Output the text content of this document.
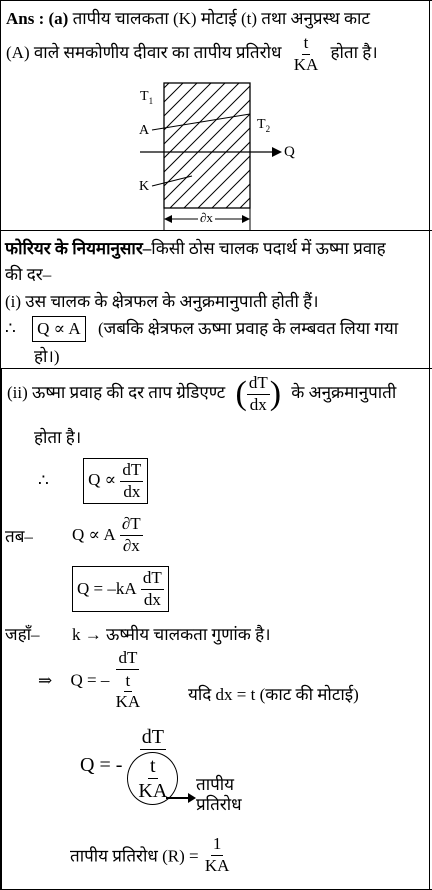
Ans : (a) तापीय चालकता (K) मोटाई (t) तथा अनुप्रस्थ काट
(A) वाले समकोणीय दीवार का तापीय प्रतिरोध $\frac{t}{KA}$ होता है।
$T_1$
$T_2$
A
Q
K
∂x
फोरियर के नियमानुसार–किसी ठोस चालक पदार्थ में ऊष्मा प्रवाह
की दर–
(i) उस चालक के क्षेत्रफल के अनुक्रमानुपाती होती हैं।
∴ Q ∝ A (जबकि क्षेत्रफल ऊष्मा प्रवाह के लम्बवत लिया गया
हो।)
(ii) ऊष्मा प्रवाह की दर ताप ग्रेडिएण्ट ( $\frac{dT}{dx}$ ) के अनुक्रमानुपाती
होता है।
∴ $Q \propto \frac{dT}{dx}$
तब– Q ∝ A $\frac{\partial T}{\partial x}$
$Q = -kA \frac{dT}{dx}$
जहाँ– k → ऊष्मीय चालकता गुणांक है।
⇒ Q = – $\frac{dT}{\frac{t}{KA}}$	यदि dx = t (काट की मोटाई)
Q = - $\frac{dT}{\frac{t}{KA}}$ तापीय
प्रतिरोध
तापीय प्रतिरोध $(R) = \frac{1}{KA}$
